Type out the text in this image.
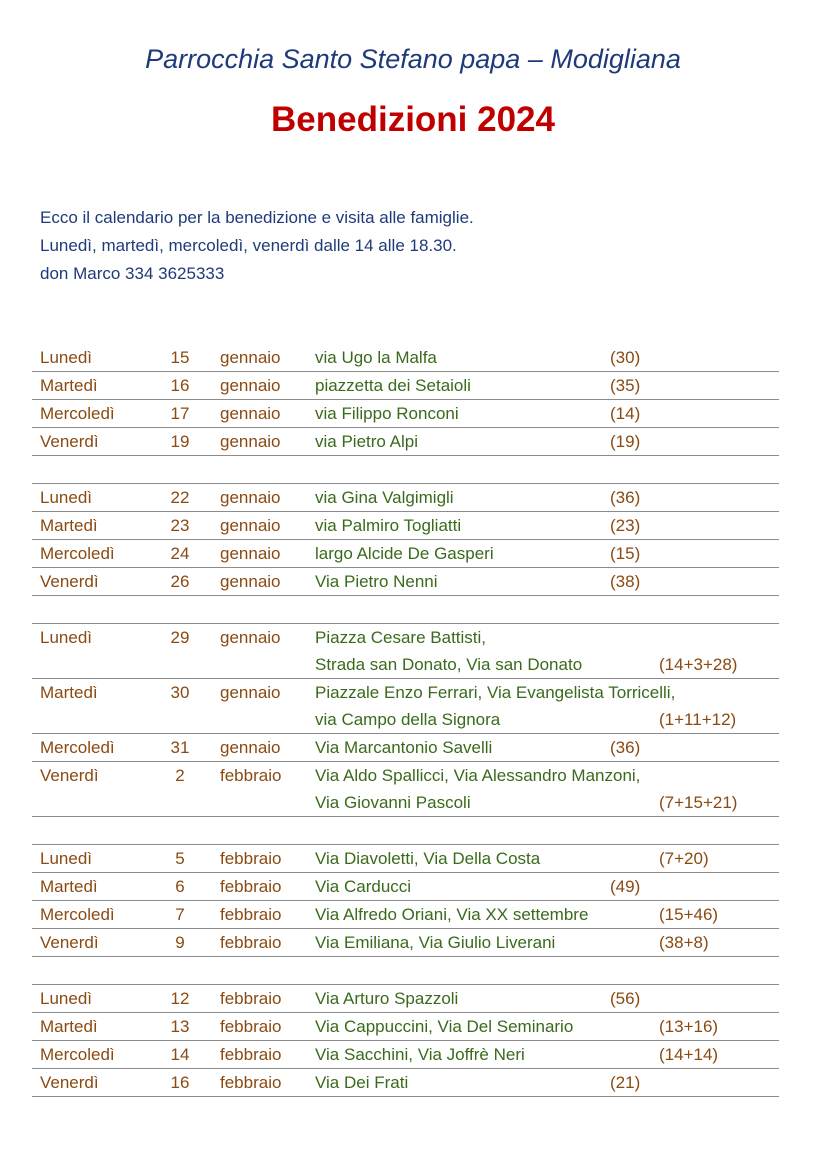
Parrocchia Santo Stefano papa – Modigliana
Benedizioni 2024
Ecco il calendario per la benedizione e visita alle famiglie.
Lunedì, martedì, mercoledì, venerdì dalle 14 alle 18.30.
don Marco 334 3625333
Lunedì	15	gennaio via Ugo la Malfa	(30)
Martedì	16	gennaio piazzetta dei Setaioli	(35)
Mercoledì	17	gennaio via Filippo Ronconi	(14)
Venerdì	19	gennaio via Pietro Alpi	(19)
Lunedì	22	gennaio via Gina Valgimigli	(36)
Martedì	23	gennaio via Palmiro Togliatti	(23)
Mercoledì	24	gennaio largo Alcide De Gasperi	(15)
Venerdì	26	gennaio Via Pietro Nenni	(38)
Lunedì	29	gennaio Piazza Cesare Battisti,
Strada san Donato, Via san Donato	(14+3+28)
Martedì	30	gennaio Piazzale Enzo Ferrari, Via Evangelista Torricelli,
via Campo della Signora	(1+11+12)
Mercoledì	31	gennaio Via Marcantonio Savelli	(36)
Venerdì	2	febbraio Via Aldo Spallicci, Via Alessandro Manzoni,
Via Giovanni Pascoli	(7+15+21)
Lunedì	5	febbraio Via Diavoletti, Via Della Costa	(7+20)
Martedì	6	febbraio Via Carducci	(49)
Mercoledì	7	febbraio Via Alfredo Oriani, Via XX settembre	(15+46)
Venerdì	9	febbraio Via Emiliana, Via Giulio Liverani	(38+8)
Lunedì	12	febbraio Via Arturo Spazzoli	(56)
Martedì	13	febbraio Via Cappuccini, Via Del Seminario	(13+16)
Mercoledì	14	febbraio Via Sacchini, Via Joffrè Neri	(14+14)
Venerdì	16	febbraio Via Dei Frati	(21)
